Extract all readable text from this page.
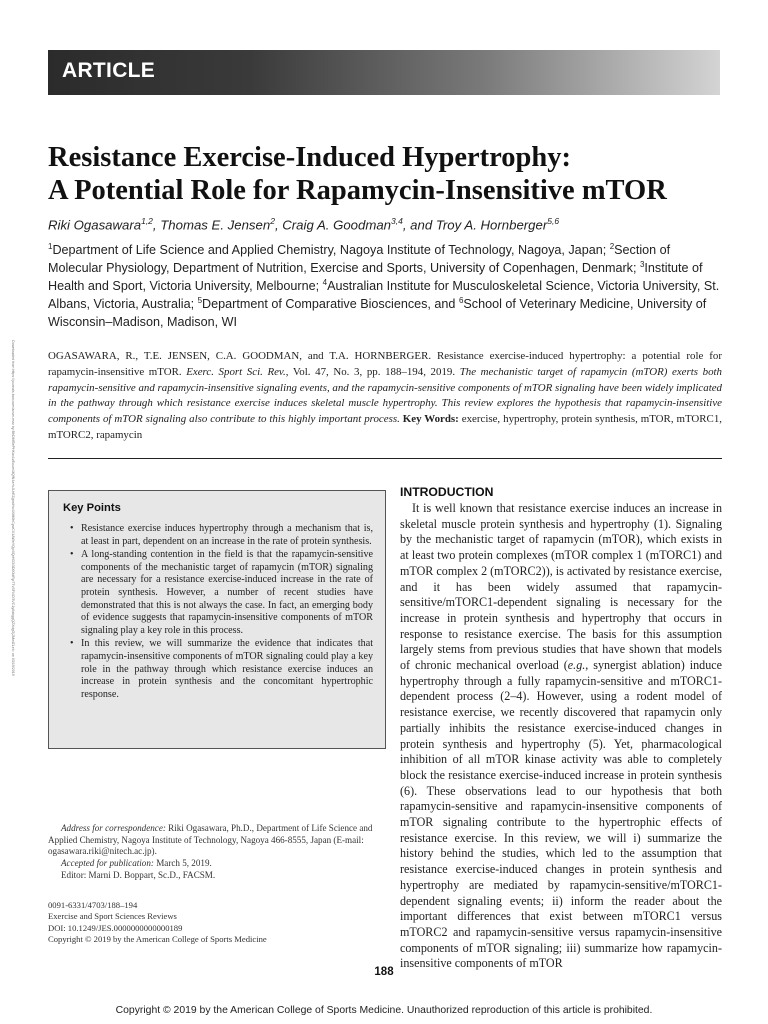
ARTICLE
Downloaded from https://journals.lww.com/acsm-essr by BhDMf5ePHKav1zEoum1tQfN4a+kJLhEZgbsIHo4XMi0hCywCX1AWnYQp/IlQrHD3i3D0OdRyi7TvSFl4Cf3VC1y0abggQZXdgGj2MwlZLeI= on 03/19/2019
Resistance Exercise-Induced Hypertrophy:
A Potential Role for Rapamycin-Insensitive mTOR
Riki Ogasawara$^{1,2}$, Thomas E. Jensen$^2$, Craig A. Goodman$^{3,4}$, and Troy A. Hornberger$^{5,6}$
$^1$Department of Life Science and Applied Chemistry, Nagoya Institute of Technology, Nagoya, Japan; $^2$Section of Molecular Physiology, Department of Nutrition, Exercise and Sports, University of Copenhagen, Denmark; $^3$Institute of Health and Sport, Victoria University, Melbourne; $^4$Australian Institute for Musculoskeletal Science, Victoria University, St. Albans, Victoria, Australia; $^5$Department of Comparative Biosciences, and $^6$School of Veterinary Medicine, University of Wisconsin–Madison, Madison, WI

OGASAWARA, R., T.E. JENSEN, C.A. GOODMAN, and T.A. HORNBERGER. Resistance exercise-induced hypertrophy: a potential role for rapamycin-insensitive mTOR. Exerc. Sport Sci. Rev., Vol. 47, No. 3, pp. 188–194, 2019. The mechanistic target of rapamycin (mTOR) exerts both rapamycin-sensitive and rapamycin-insensitive signaling events, and the rapamycin-sensitive components of mTOR signaling have been widely implicated in the pathway through which resistance exercise induces skeletal muscle hypertrophy. This review explores the hypothesis that rapamycin-insensitive components of mTOR signaling also contribute to this highly important process. Key Words: exercise, hypertrophy, protein synthesis, mTOR, mTORC1, mTORC2, rapamycin

Key Points
• Resistance exercise induces hypertrophy through a mechanism that is, at least in part, dependent on an increase in the rate of protein synthesis.
• A long-standing contention in the field is that the rapamycin-sensitive components of the mechanistic target of rapamycin (mTOR) signaling are necessary for a resistance exercise-induced increase in the rate of protein synthesis. However, a number of recent studies have demonstrated that this is not always the case. In fact, an emerging body of evidence suggests that rapamycin-insensitive components of mTOR signaling play a key role in this process.
• In this review, we will summarize the evidence that indicates that rapamycin-insensitive components of mTOR signaling could play a key role in the pathway through which resistance exercise induces an increase in protein synthesis and the concomitant hypertrophic response.

Address for correspondence: Riki Ogasawara, Ph.D., Department of Life Science and Applied Chemistry, Nagoya Institute of Technology, Nagoya 466-8555, Japan (E-mail: ogasawara.riki@nitech.ac.jp).

Accepted for publication: March 5, 2019.

Editor: Marni D. Boppart, Sc.D., FACSM.

0091-6331/4703/188–194
Exercise and Sport Sciences Reviews
DOI: 10.1249/JES.0000000000000189
Copyright © 2019 by the American College of Sports Medicine
INTRODUCTION

It is well known that resistance exercise induces an increase in skeletal muscle protein synthesis and hypertrophy (1). Signaling by the mechanistic target of rapamycin (mTOR), which exists in at least two protein complexes (mTOR complex 1 (mTORC1) and mTOR complex 2 (mTORC2)), is activated by resistance exercise, and it has been widely assumed that rapamycin-sensitive/mTORC1-dependent signaling is necessary for the increase in protein synthesis and hypertrophy that occurs in response to resistance exercise. The basis for this assumption largely stems from previous studies that have shown that models of chronic mechanical overload (e.g., synergist ablation) induce hypertrophy through a fully rapamycin-sensitive and mTORC1-dependent process (2–4). However, using a rodent model of resistance exercise, we recently discovered that rapamycin only partially inhibits the resistance exercise-induced changes in protein synthesis and hypertrophy (5). Yet, pharmacological inhibition of all mTOR kinase activity was able to completely block the resistance exercise-induced increase in protein synthesis (6). These observations lead to our hypothesis that both rapamycin-sensitive and rapamycin-insensitive components of mTOR signaling contribute to the hypertrophic effects of resistance exercise. In this review, we will i) summarize the history behind the studies, which led to the assumption that resistance exercise-induced changes in protein synthesis and hypertrophy are mediated by rapamycin-sensitive/mTORC1-dependent signaling events; ii) inform the reader about the important differences that exist between mTORC1 versus mTORC2 and rapamycin-sensitive versus rapamycin-insensitive components of mTOR signaling; iii) summarize how rapamycin-insensitive components of mTOR

188
Copyright © 2019 by the American College of Sports Medicine. Unauthorized reproduction of this article is prohibited.
